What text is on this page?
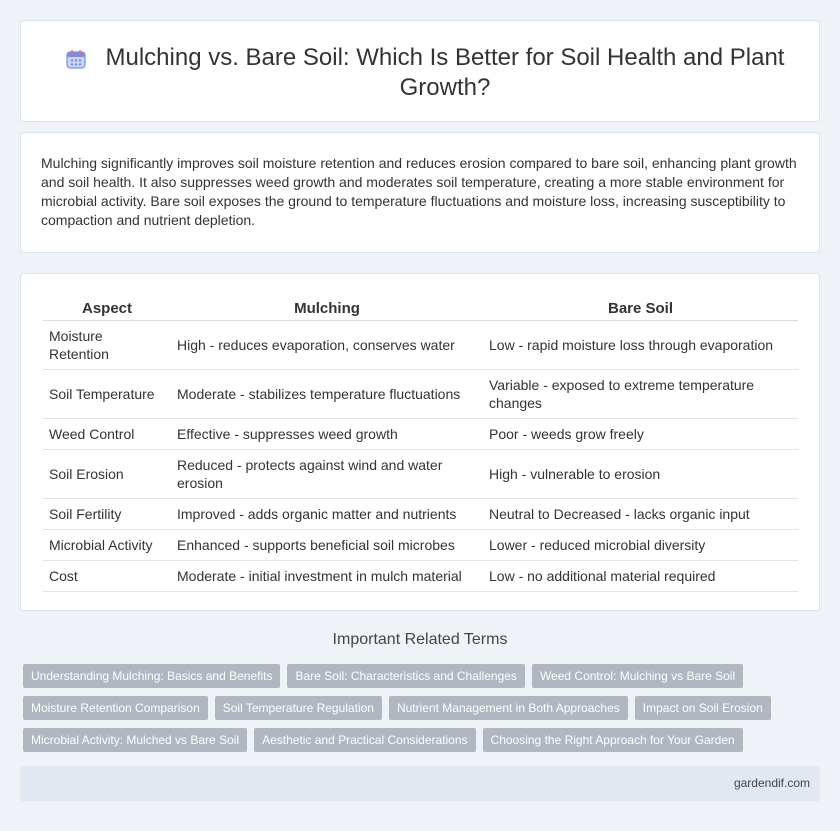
Mulching vs. Bare Soil: Which Is Better for Soil Health and Plant Growth?

Mulching significantly improves soil moisture retention and reduces erosion compared to bare soil, enhancing plant growth and soil health. It also suppresses weed growth and moderates soil temperature, creating a more stable environment for microbial activity. Bare soil exposes the ground to temperature fluctuations and moisture loss, increasing susceptibility to compaction and nutrient depletion.

Aspect	Mulching	Bare Soil
Moisture Retention	High - reduces evaporation, conserves water	Low - rapid moisture loss through evaporation
Soil Temperature	Moderate - stabilizes temperature fluctuations	Variable - exposed to extreme temperature changes
Weed Control	Effective - suppresses weed growth	Poor - weeds grow freely
Soil Erosion	Reduced - protects against wind and water erosion	High - vulnerable to erosion
Soil Fertility	Improved - adds organic matter and nutrients	Neutral to Decreased - lacks organic input
Microbial Activity	Enhanced - supports beneficial soil microbes	Lower - reduced microbial diversity
Cost	Moderate - initial investment in mulch material	Low - no additional material required
Important Related Terms
Understanding Mulching: Basics and Benefits	Bare Soil: Characteristics and Challenges	Weed Control: Mulching vs Bare Soil
Moisture Retention Comparison	Soil Temperature Regulation	Nutrient Management in Both Approaches	Impact on Soil Erosion
Microbial Activity: Mulched vs Bare Soil	Aesthetic and Practical Considerations	Choosing the Right Approach for Your Garden
gardendif.com
